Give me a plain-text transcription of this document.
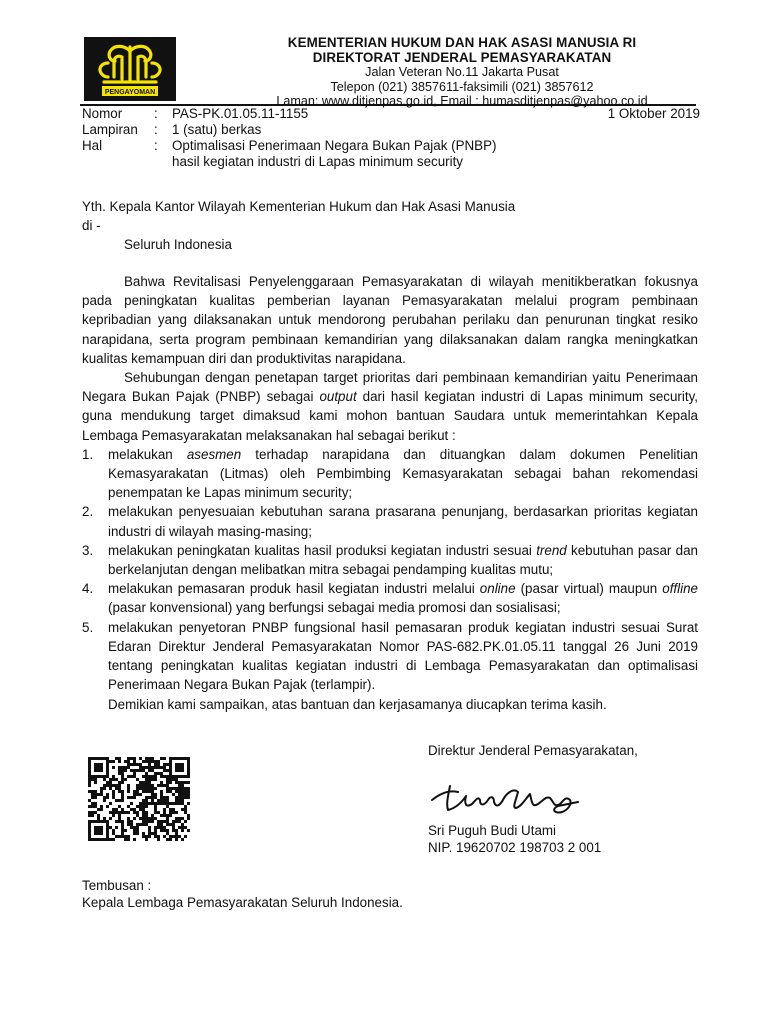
PENGAYOMAN
KEMENTERIAN HUKUM DAN HAK ASASI MANUSIA RI
DIREKTORAT JENDERAL PEMASYARAKATAN
Jalan Veteran No.11 Jakarta Pusat
Telepon (021) 3857611-faksimili (021) 3857612
Laman: www.ditjenpas.go.id, Email : humasditjenpas@yahoo.co.id
Nomor : PAS-PK.01.05.11-1155	1 Oktober 2019
Lampiran : 1 (satu) berkas
Hal	: Optimalisasi Penerimaan Negara Bukan Pajak (PNBP)
hasil kegiatan industri di Lapas minimum security
Yth. Kepala Kantor Wilayah Kementerian Hukum dan Hak Asasi Manusia
di -
Seluruh Indonesia

Bahwa Revitalisasi Penyelenggaraan Pemasyarakatan di wilayah menitikberatkan fokusnya pada peningkatan kualitas pemberian layanan Pemasyarakatan melalui program pembinaan kepribadian yang dilaksanakan untuk mendorong perubahan perilaku dan penurunan tingkat resiko narapidana, serta program pembinaan kemandirian yang dilaksanakan dalam rangka meningkatkan kualitas kemampuan diri dan produktivitas narapidana.

Sehubungan dengan penetapan target prioritas dari pembinaan kemandirian yaitu Penerimaan Negara Bukan Pajak (PNBP) sebagai output dari hasil kegiatan industri di Lapas minimum security, guna mendukung target dimaksud kami mohon bantuan Saudara untuk memerintahkan Kepala Lembaga Pemasyarakatan melaksanakan hal sebagai berikut :

1. melakukan asesmen terhadap narapidana dan dituangkan dalam dokumen Penelitian Kemasyarakatan (Litmas) oleh Pembimbing Kemasyarakatan sebagai bahan rekomendasi penempatan ke Lapas minimum security;
2. melakukan penyesuaian kebutuhan sarana prasarana penunjang, berdasarkan prioritas kegiatan industri di wilayah masing-masing;
3. melakukan peningkatan kualitas hasil produksi kegiatan industri sesuai trend kebutuhan pasar dan berkelanjutan dengan melibatkan mitra sebagai pendamping kualitas mutu;
4. melakukan pemasaran produk hasil kegiatan industri melalui online (pasar virtual) maupun offline (pasar konvensional) yang berfungsi sebagai media promosi dan sosialisasi;
5. melakukan penyetoran PNBP fungsional hasil pemasaran produk kegiatan industri sesuai Surat Edaran Direktur Jenderal Pemasyarakatan Nomor PAS-682.PK.01.05.11 tanggal 26 Juni 2019 tentang peningkatan kualitas kegiatan industri di Lembaga Pemasyarakatan dan optimalisasi Penerimaan Negara Bukan Pajak (terlampir).

Demikian kami sampaikan, atas bantuan dan kerjasamanya diucapkan terima kasih.

Direktur Jenderal Pemasyarakatan,
Sri Puguh Budi Utami
NIP. 19620702 198703 2 001
Tembusan :
Kepala Lembaga Pemasyarakatan Seluruh Indonesia.
